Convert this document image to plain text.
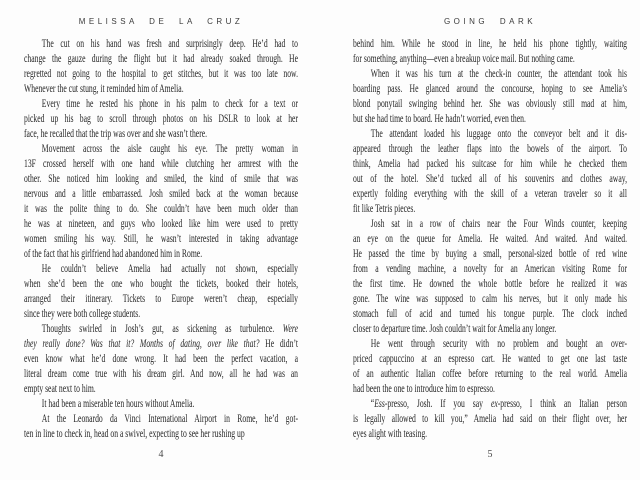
MELISSA DE LA CRUZ
The cut on his hand was fresh and surprisingly deep. He’d had to
change the gauze during the flight but it had already soaked through. He
regretted not going to the hospital to get stitches, but it was too late now.
Whenever the cut stung, it reminded him of Amelia.
Every time he rested his phone in his palm to check for a text or
picked up his bag to scroll through photos on his DSLR to look at her
face, he recalled that the trip was over and she wasn’t there.
Movement across the aisle caught his eye. The pretty woman in
13F crossed herself with one hand while clutching her armrest with the
other. She noticed him looking and smiled, the kind of smile that was
nervous and a little embarrassed. Josh smiled back at the woman because
it was the polite thing to do. She couldn’t have been much older than
he was at nineteen, and guys who looked like him were used to pretty
women smiling his way. Still, he wasn’t interested in taking advantage
of the fact that his girlfriend had abandoned him in Rome.
He couldn’t believe Amelia had actually not shown, especially
when she’d been the one who bought the tickets, booked their hotels,
arranged their itinerary. Tickets to Europe weren’t cheap, especially
since they were both college students.
Thoughts swirled in Josh’s gut, as sickening as turbulence. Were
they really done? Was that it? Months of dating, over like that? He didn’t
even know what he’d done wrong. It had been the perfect vacation, a
literal dream come true with his dream girl. And now, all he had was an
empty seat next to him.
It had been a miserable ten hours without Amelia.
At the Leonardo da Vinci International Airport in Rome, he’d got-
ten in line to check in, head on a swivel, expecting to see her rushing up
4
GOING DARK
behind him. While he stood in line, he held his phone tightly, waiting
for something, anything—even a breakup voice mail. But nothing came.
When it was his turn at the check-in counter, the attendant took his
boarding pass. He glanced around the concourse, hoping to see Amelia’s
blond ponytail swinging behind her. She was obviously still mad at him,
but she had time to board. He hadn’t worried, even then.
The attendant loaded his luggage onto the conveyor belt and it dis-
appeared through the leather flaps into the bowels of the airport. To
think, Amelia had packed his suitcase for him while he checked them
out of the hotel. She’d tucked all of his souvenirs and clothes away,
expertly folding everything with the skill of a veteran traveler so it all
fit like Tetris pieces.
Josh sat in a row of chairs near the Four Winds counter, keeping
an eye on the queue for Amelia. He waited. And waited. And waited.
He passed the time by buying a small, personal-sized bottle of red wine
from a vending machine, a novelty for an American visiting Rome for
the first time. He downed the whole bottle before he realized it was
gone. The wine was supposed to calm his nerves, but it only made his
stomach full of acid and turned his tongue purple. The clock inched
closer to departure time. Josh couldn’t wait for Amelia any longer.
He went through security with no problem and bought an over-
priced cappuccino at an espresso cart. He wanted to get one last taste
of an authentic Italian coffee before returning to the real world. Amelia
had been the one to introduce him to espresso.
“Ess-presso, Josh. If you say ex-presso, I think an Italian person
is legally allowed to kill you,” Amelia had said on their flight over, her
eyes alight with teasing.
5
